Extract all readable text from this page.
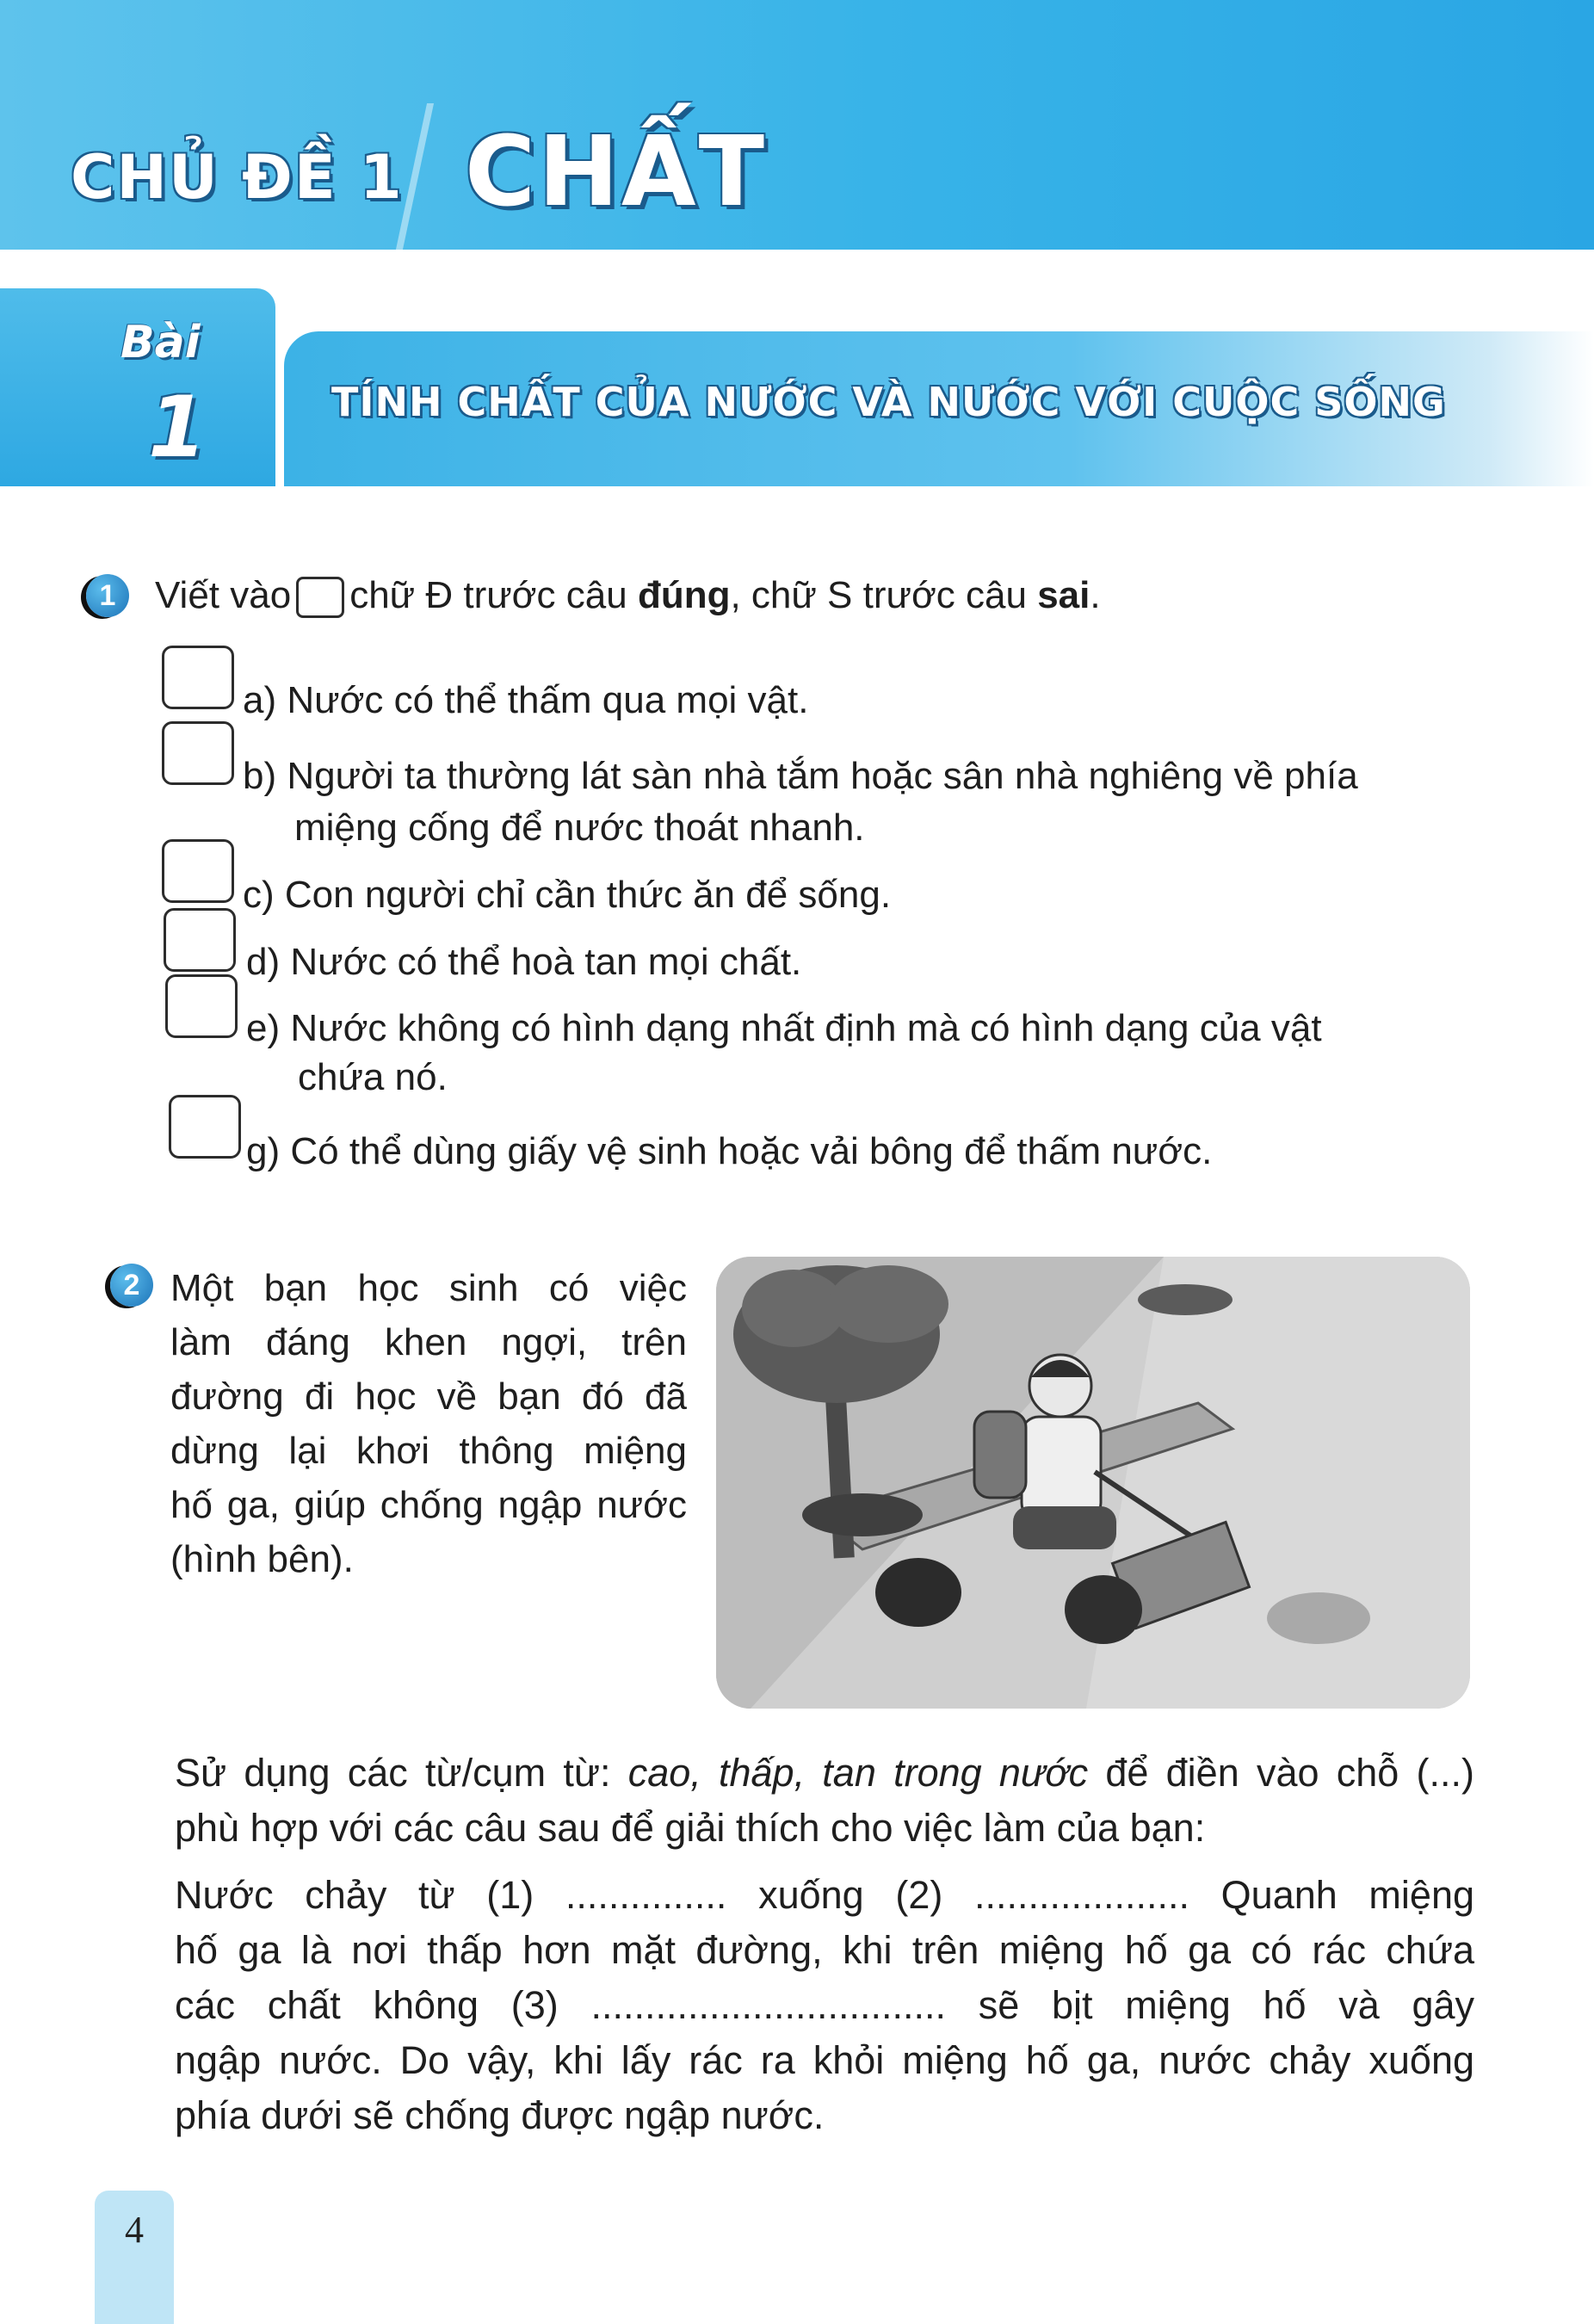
CHỦ ĐỀ 1 CHẤT
Bài
1	TÍNH CHẤT CỦA NƯỚC VÀ NƯỚC VỚI CUỘC SỐNG
1	Viết vào chữ Đ trước câu đúng, chữ S trước câu sai.
a) Nước có thể thấm qua mọi vật.
b) Người ta thường lát sàn nhà tắm hoặc sân nhà nghiêng về phía
miệng cống để nước thoát nhanh.
c) Con người chỉ cần thức ăn để sống.
d) Nước có thể hoà tan mọi chất.
e) Nước không có hình dạng nhất định mà có hình dạng của vật
chứa nó.
g) Có thể dùng giấy vệ sinh hoặc vải bông để thấm nước.
2 Một bạn học sinh có việc
làm đáng khen ngợi, trên
đường đi học về bạn đó đã
dừng lại khơi thông miệng
hố ga, giúp chống ngập nước
(hình bên).
Sử dụng các từ/cụm từ: cao, thấp, tan trong nước để điền vào chỗ (...)
phù hợp với các câu sau để giải thích cho việc làm của bạn:
Nước chảy từ (1) ............... xuống (2) .................... Quanh miệng
hố ga là nơi thấp hơn mặt đường, khi trên miệng hố ga có rác chứa
các chất không (3) ................................. sẽ bịt miệng hố và gây
ngập nước. Do vậy, khi lấy rác ra khỏi miệng hố ga, nước chảy xuống
phía dưới sẽ chống được ngập nước.
4
